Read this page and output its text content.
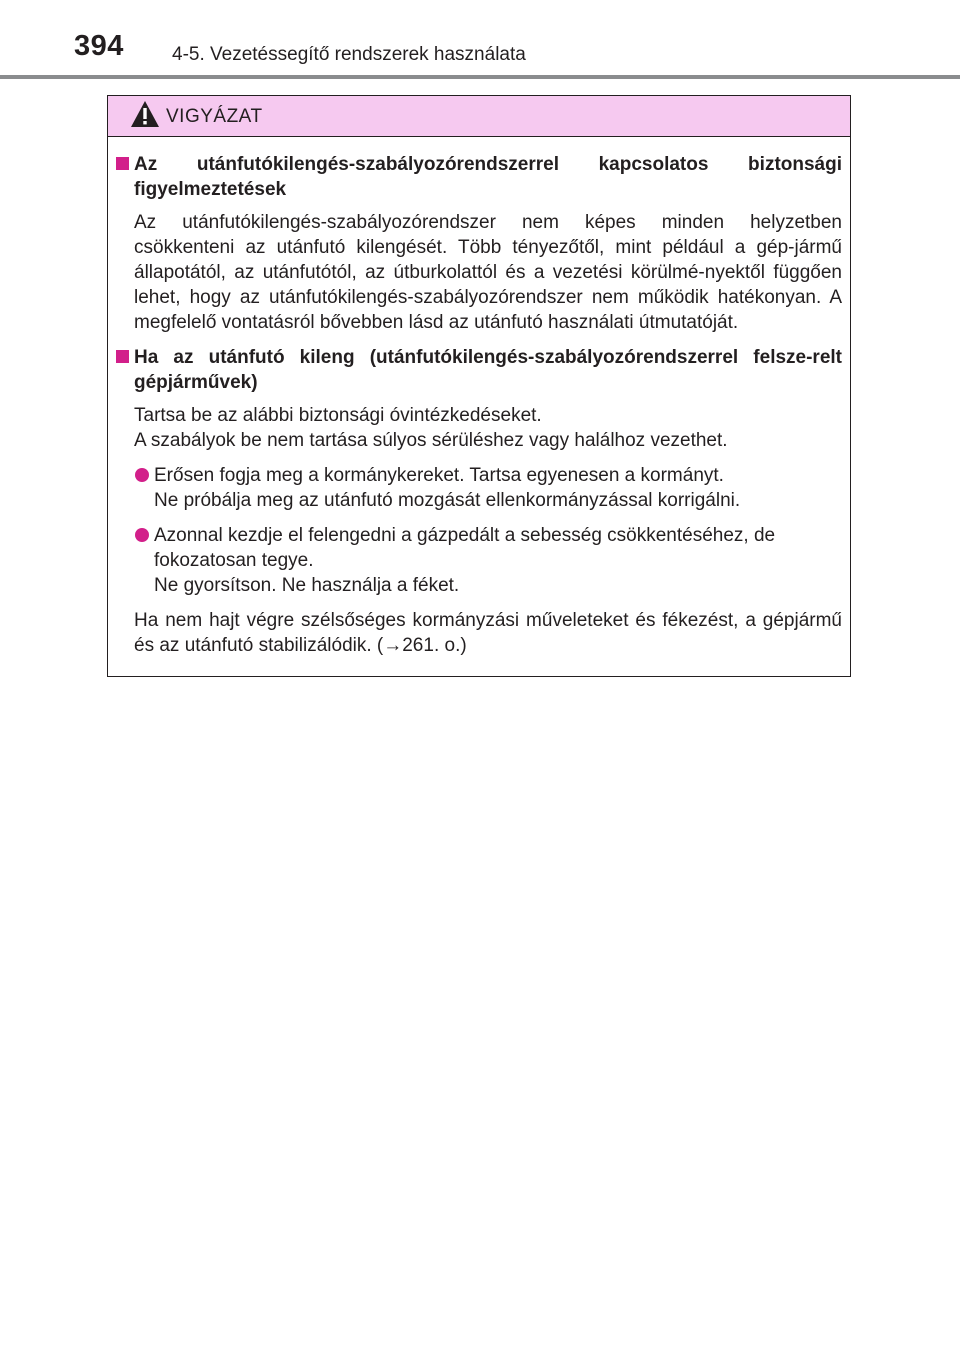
394	4-5. Vezetéssegítő rendszerek használata
VIGYÁZAT
Az utánfutókilengés-szabályozórendszerrel kapcsolatos biztonsági figyelmeztetések
Az utánfutókilengés-szabályozórendszer nem képes minden helyzetben csökkenteni az utánfutó kilengését. Több tényezőtől, mint például a gép-jármű állapotától, az utánfutótól, az útburkolattól és a vezetési körülmé-nyektől függően lehet, hogy az utánfutókilengés-szabályozórendszer nem működik hatékonyan. A megfelelő vontatásról bővebben lásd az utánfutó használati útmutatóját.
Ha az utánfutó kileng (utánfutókilengés-szabályozórendszerrel felsze-relt gépjárművek)
Tartsa be az alábbi biztonsági óvintézkedéseket.
A szabályok be nem tartása súlyos sérüléshez vagy halálhoz vezethet.
Erősen fogja meg a kormánykereket. Tartsa egyenesen a kormányt.
Ne próbálja meg az utánfutó mozgását ellenkormányzással korrigálni.
Azonnal kezdje el felengedni a gázpedált a sebesség csökkentéséhez, de fokozatosan tegye.
Ne gyorsítson. Ne használja a féket.
Ha nem hajt végre szélsőséges kormányzási műveleteket és fékezést, a gépjármű és az utánfutó stabilizálódik. (→261. o.)
